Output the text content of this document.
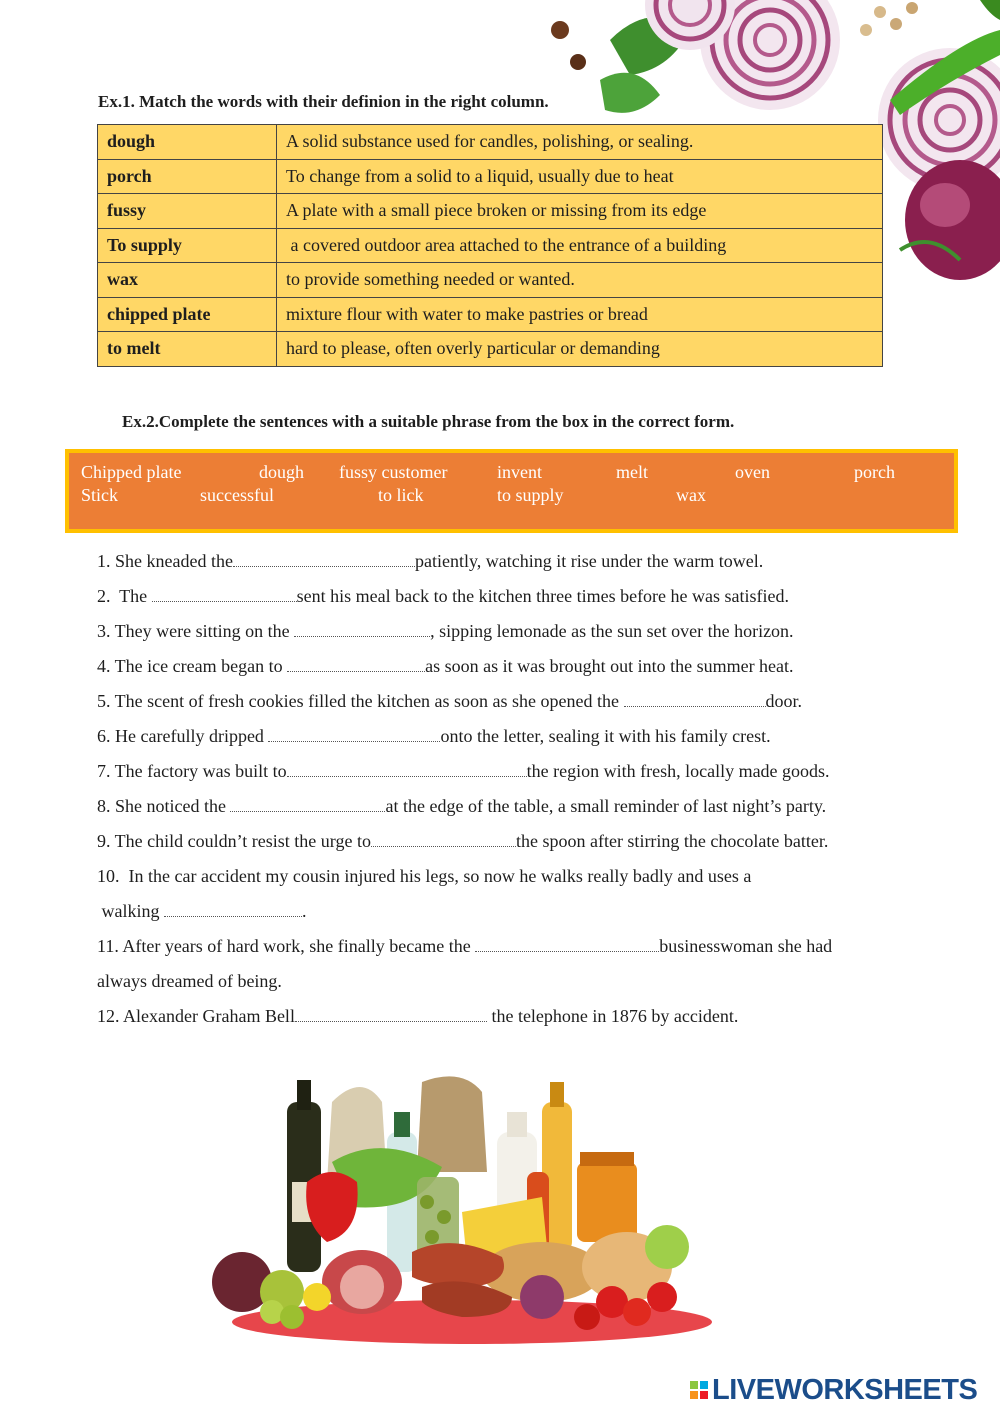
Ex.1. Match the words with their definion in the right column.
dough	A solid substance used for candles, polishing, or sealing.
porch	To change from a solid to a liquid, usually due to heat
fussy	A plate with a small piece broken or missing from its edge
To supply	a covered outdoor area attached to the entrance of a building
wax	to provide something needed or wanted.
chipped plate	mixture flour with water to make pastries or bread
to melt	hard to please, often overly particular or demanding
Ex.2.Complete the sentences with a suitable phrase from the box in the correct form.
Chipped plate	dough fussy customer	invent	melt	oven	porch
Stick	successful	to lick	to supply	wax
1. She kneaded the	patiently, watching it rise under the warm towel.
2.  The	sent his meal back to the kitchen three times before he was satisfied.
3. They were sitting on the	, sipping lemonade as the sun set over the horizon.
4. The ice cream began to	as soon as it was brought out into the summer heat.
5. The scent of fresh cookies filled the kitchen as soon as she opened the	door.
6. He carefully dripped	onto the letter, sealing it with his family crest.
7. The factory was built to	the region with fresh, locally made goods.
8. She noticed the	at the edge of the table, a small reminder of last night’s party.
9. The child couldn’t resist the urge to	the spoon after stirring the chocolate batter.
10.  In the car accident my cousin injured his legs, so now he walks really badly and uses a
walking	.
11. After years of hard work, she finally became the	businesswoman she had
always dreamed of being.
12. Alexander Graham Bell	the telephone in 1876 by accident.
LIVEWORKSHEETS
